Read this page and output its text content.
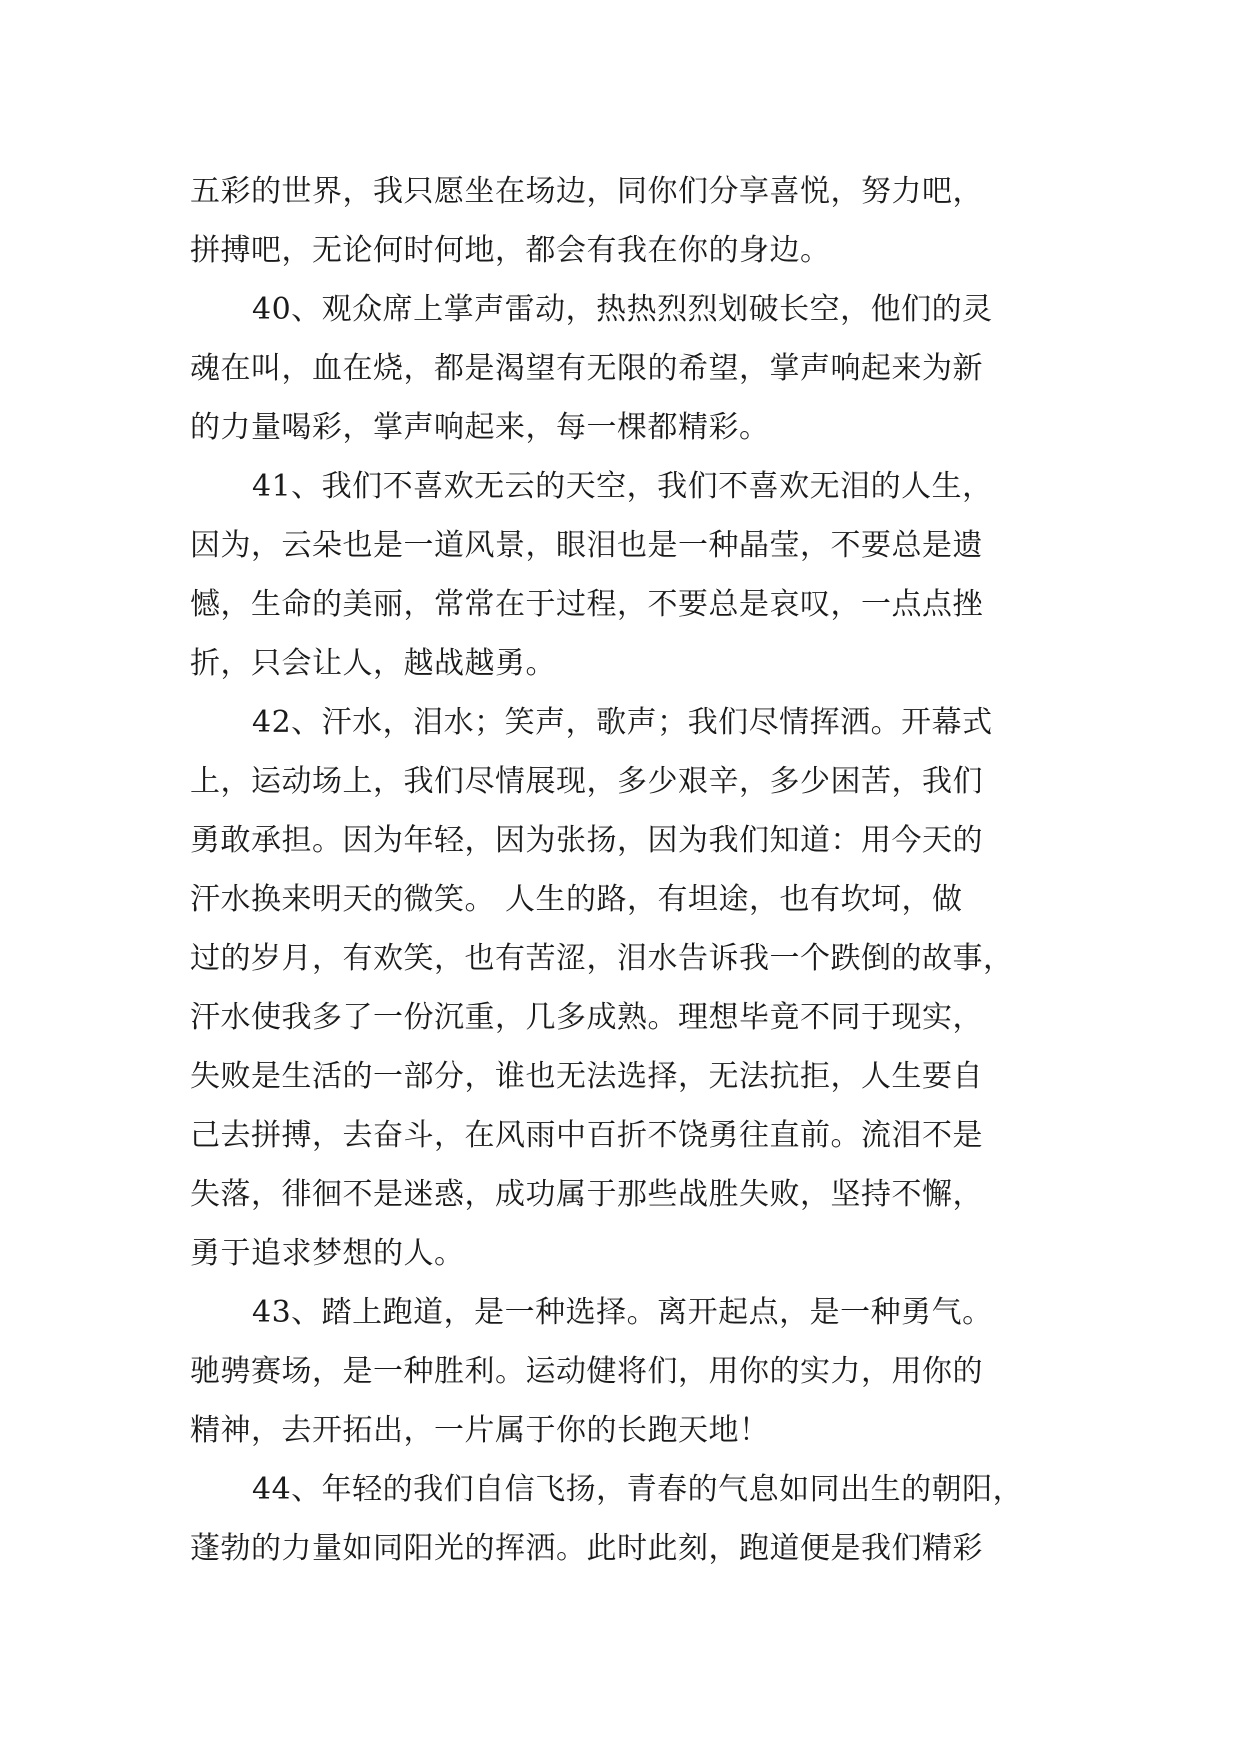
五彩的世界，我只愿坐在场边，同你们分享喜悦，努力吧，
拼搏吧，无论何时何地，都会有我在你的身边。
40、观众席上掌声雷动，热热烈烈划破长空，他们的灵
魂在叫，血在烧，都是渴望有无限的希望，掌声响起来为新
的力量喝彩，掌声响起来，每一棵都精彩。
41、我们不喜欢无云的天空，我们不喜欢无泪的人生，
因为，云朵也是一道风景，眼泪也是一种晶莹，不要总是遗
憾，生命的美丽，常常在于过程，不要总是哀叹，一点点挫
折，只会让人，越战越勇。
42、汗水，泪水；笑声，歌声；我们尽情挥洒。开幕式
上，运动场上，我们尽情展现，多少艰辛，多少困苦，我们
勇敢承担。因为年轻，因为张扬，因为我们知道：用今天的
汗水换来明天的微笑。 人生的路，有坦途，也有坎坷，做
过的岁月，有欢笑，也有苦涩，泪水告诉我一个跌倒的故事，
汗水使我多了一份沉重，几多成熟。理想毕竟不同于现实，
失败是生活的一部分，谁也无法选择，无法抗拒，人生要自
己去拼搏，去奋斗，在风雨中百折不饶勇往直前。流泪不是
失落，徘徊不是迷惑，成功属于那些战胜失败，坚持不懈，
勇于追求梦想的人。
43、踏上跑道，是一种选择。离开起点，是一种勇气。
驰骋赛场，是一种胜利。运动健将们，用你的实力，用你的
精神，去开拓出，一片属于你的长跑天地！
44、年轻的我们自信飞扬，青春的气息如同出生的朝阳，
蓬勃的力量如同阳光的挥洒。此时此刻，跑道便是我们精彩
